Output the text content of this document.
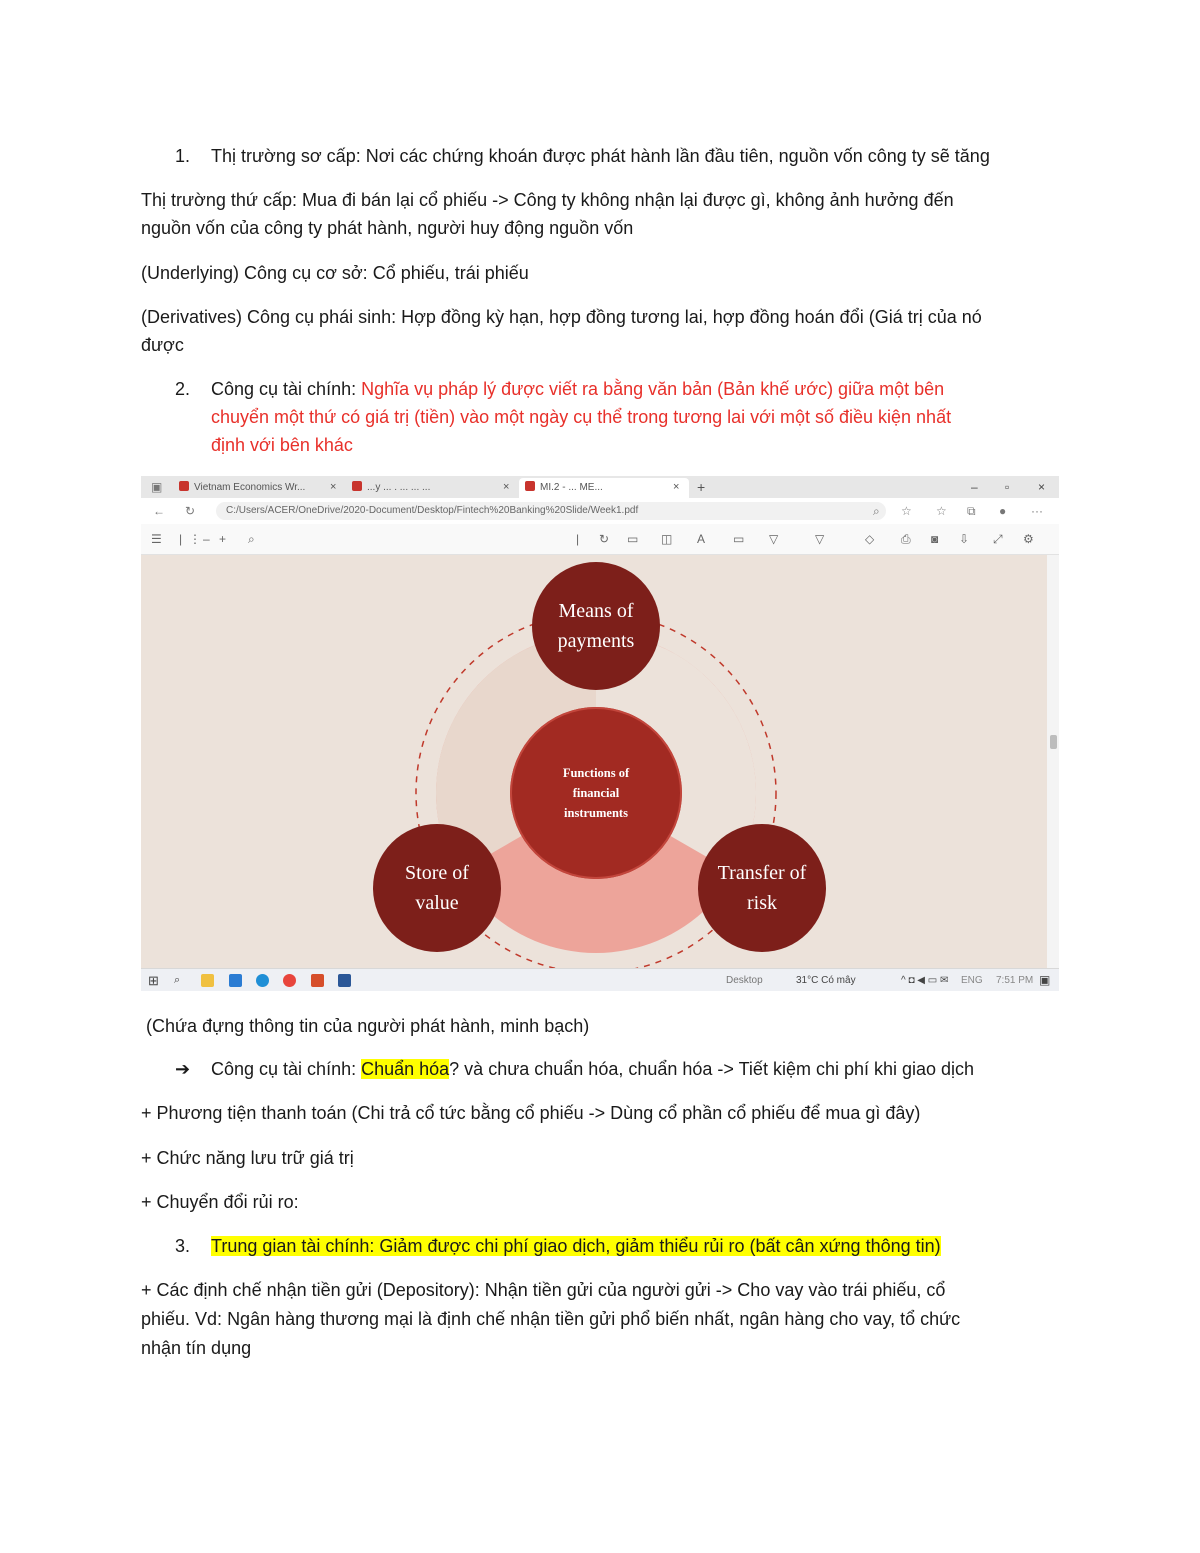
1. Thị trường sơ cấp: Nơi các chứng khoán được phát hành lần đầu tiên, nguồn vốn công ty sẽ tăng
Thị trường thứ cấp: Mua đi bán lại cổ phiếu -> Công ty không nhận lại được gì, không ảnh hưởng đến
nguồn vốn của công ty phát hành, người huy động nguồn vốn
(Underlying) Công cụ cơ sở: Cổ phiếu, trái phiếu
(Derivatives) Công cụ phái sinh: Hợp đồng kỳ hạn, hợp đồng tương lai, hợp đồng hoán đổi (Giá trị của nó
được
2. Công cụ tài chính: Nghĩa vụ pháp lý được viết ra bằng văn bản (Bản khế ước) giữa một bên
chuyển một thứ có giá trị (tiền) vào một ngày cụ thể trong tương lai với một số điều kiện nhất
định với bên khác
▣	Vietnam Economics Wr...	×	...y ... . ... ... ...	×	MI.2 - ... ME...	× +	– ▫ ×
← ↻	C:/Users/ACER/OneDrive/2020-Document/Desktop/Fintech%20Banking%20Slide/Week1.pdf	⌕ ☆ ☆ ⧉ ● ···
☰ | ⋮ – + ⌕	| ↻ ▭ ◫ A ▭ ▽	▽	◇ ⎙ ◙ ⇩ ⤢ ⚙
Means of payments
Functions of financial instruments
Store of value
Transfer of risk
⊞ ⌕	Desktop	31°C Có mây	^ ◘ ◀ ▭ ✉ ENG 7:51 PM ▣
(Chứa đựng thông tin của người phát hành, minh bạch)
➔ Công cụ tài chính: Chuẩn hóa? và chưa chuẩn hóa, chuẩn hóa -> Tiết kiệm chi phí khi giao dịch
+ Phương tiện thanh toán (Chi trả cổ tức bằng cổ phiếu -> Dùng cổ phần cổ phiếu để mua gì đây)
+ Chức năng lưu trữ giá trị
+ Chuyển đổi rủi ro:
3. Trung gian tài chính: Giảm được chi phí giao dịch, giảm thiểu rủi ro (bất cân xứng thông tin)
+ Các định chế nhận tiền gửi (Depository): Nhận tiền gửi của người gửi -> Cho vay vào trái phiếu, cổ
phiếu. Vd: Ngân hàng thương mại là định chế nhận tiền gửi phổ biến nhất, ngân hàng cho vay, tổ chức
nhận tín dụng
